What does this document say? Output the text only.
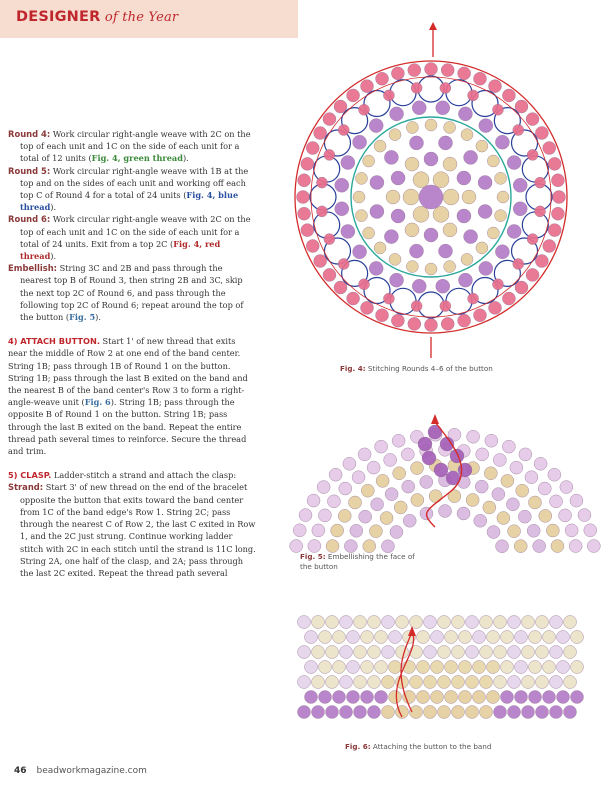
DESIGNER of the Year

Round 4: Work circular right-angle weave with 2C on the top of each unit and 1C on the side of each unit for a total of 12 units (Fig. 4, green thread).

Round 5: Work circular right-angle weave with 1B at the top and on the sides of each unit and working off each top C of Round 4 for a total of 24 units (Fig. 4, blue thread).

Round 6: Work circular right-angle weave with 2C on the top of each unit and 1C on the side of each unit for a total of 24 units. Exit from a top 2C (Fig. 4, red thread).

Embellish: String 3C and 2B and pass through the nearest top B of Round 3, then string 2B and 3C, skip the next top 2C of Round 6, and pass through the following top 2C of Round 6; repeat around the top of the button (Fig. 5).

4) ATTACH BUTTON. Start 1' of new thread that exits near the middle of Row 2 at one end of the band center. String 1B; pass through 1B of Round 1 on the button. String 1B; pass through the last B exited on the band and the nearest B of the band center's Row 3 to form a right-angle-weave unit (Fig. 6). String 1B; pass through the opposite B of Round 1 on the button. String 1B; pass through the last B exited on the band. Repeat the entire thread path several times to reinforce. Secure the thread and trim.

5) CLASP. Ladder-stitch a strand and attach the clasp:

Strand: Start 3' of new thread on the end of the bracelet opposite the button that exits toward the band center from 1C of the band edge's Row 1. String 2C; pass through the nearest C of Row 2, the last C exited in Row 1, and the 2C just strung. Continue working ladder stitch with 2C in each stitch until the strand is 11C long. String 2A, one half of the clasp, and 2A; pass through the last 2C exited. Repeat the thread path several

Fig. 4: Stitching Rounds 4–6 of the button
Fig. 5: Embellishing the face of the button
Fig. 6: Attaching the button to the band
46 beadworkmagazine.com
